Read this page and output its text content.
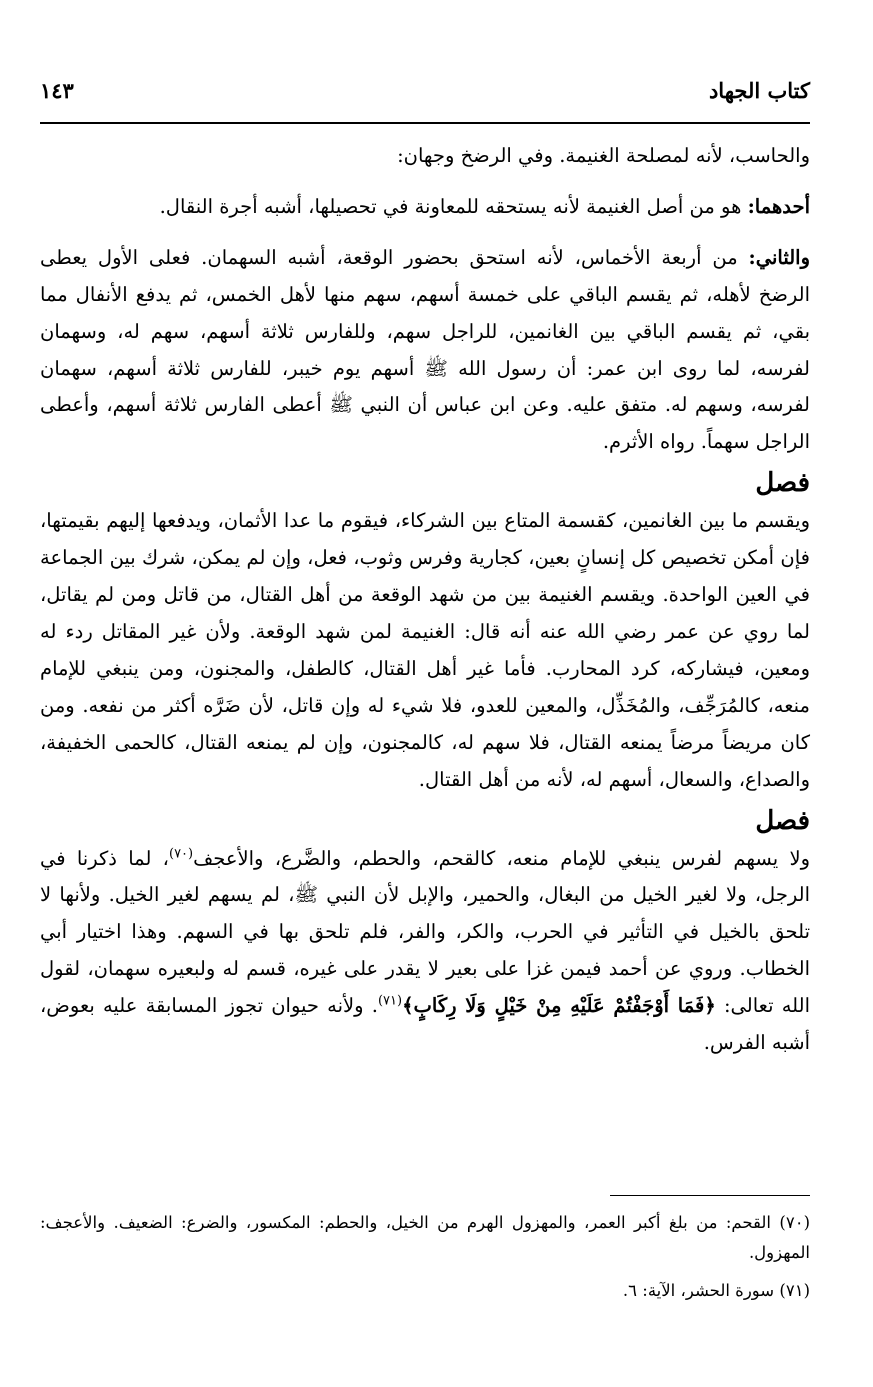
كتاب الجهاد
١٤٣

والحاسب، لأنه لمصلحة الغنيمة. وفي الرضخ وجهان:

أحدهما: هو من أصل الغنيمة لأنه يستحقه للمعاونة في تحصيلها، أشبه أجرة النقال.

والثاني: من أربعة الأخماس، لأنه استحق بحضور الوقعة، أشبه السهمان. فعلى الأول يعطى الرضخ لأهله، ثم يقسم الباقي على خمسة أسهم، سهم منها لأهل الخمس، ثم يدفع الأنفال مما بقي، ثم يقسم الباقي بين الغانمين، للراجل سهم، وللفارس ثلاثة أسهم، سهم له، وسهمان لفرسه، لما روى ابن عمر: أن رسول الله ﷺ أسهم يوم خيبر، للفارس ثلاثة أسهم، سهمان لفرسه، وسهم له. متفق عليه. وعن ابن عباس أن النبي ﷺ أعطى الفارس ثلاثة أسهم، وأعطى الراجل سهماً. رواه الأثرم.

فصل

ويقسم ما بين الغانمين، كقسمة المتاع بين الشركاء، فيقوم ما عدا الأثمان، ويدفعها إليهم بقيمتها، فإن أمكن تخصيص كل إنسانٍ بعين، كجارية وفرس وثوب، فعل، وإن لم يمكن، شرك بين الجماعة في العين الواحدة. ويقسم الغنيمة بين من شهد الوقعة من أهل القتال، من قاتل ومن لم يقاتل، لما روي عن عمر رضي الله عنه أنه قال: الغنيمة لمن شهد الوقعة. ولأن غير المقاتل ردء له ومعين، فيشاركه، كرد المحارب. فأما غير أهل القتال، كالطفل، والمجنون، ومن ينبغي للإمام منعه، كالمُرَجِّف، والمُخَذِّل، والمعين للعدو، فلا شيء له وإن قاتل، لأن ضَرَّه أكثر من نفعه. ومن كان مريضاً مرضاً يمنعه القتال، فلا سهم له، كالمجنون، وإن لم يمنعه القتال، كالحمى الخفيفة، والصداع، والسعال، أسهم له، لأنه من أهل القتال.

فصل

ولا يسهم لفرس ينبغي للإمام منعه، كالقحم، والحطم، والضَّرع، والأعجف$^{(٧٠)}$، لما ذكرنا في الرجل، ولا لغير الخيل من البغال، والحمير، والإبل لأن النبي ﷺ، لم يسهم لغير الخيل. ولأنها لا تلحق بالخيل في التأثير في الحرب، والكر، والفر، فلم تلحق بها في السهم. وهذا اختيار أبي الخطاب. وروي عن أحمد فيمن غزا على بعير لا يقدر على غيره، قسم له ولبعيره سهمان، لقول الله تعالى: ﴿فَمَا أَوْجَفْتُمْ عَلَيْهِ مِنْ خَيْلٍ وَلَا رِكَابٍ﴾$^{(٧١)}$. ولأنه حيوان تجوز المسابقة عليه بعوض، أشبه الفرس.

(٧٠) القحم: من بلغ أكبر العمر، والمهزول الهرم من الخيل، والحطم: المكسور، والضرع: الضعيف. والأعجف: المهزول.

(٧١) سورة الحشر، الآية: ٦.
